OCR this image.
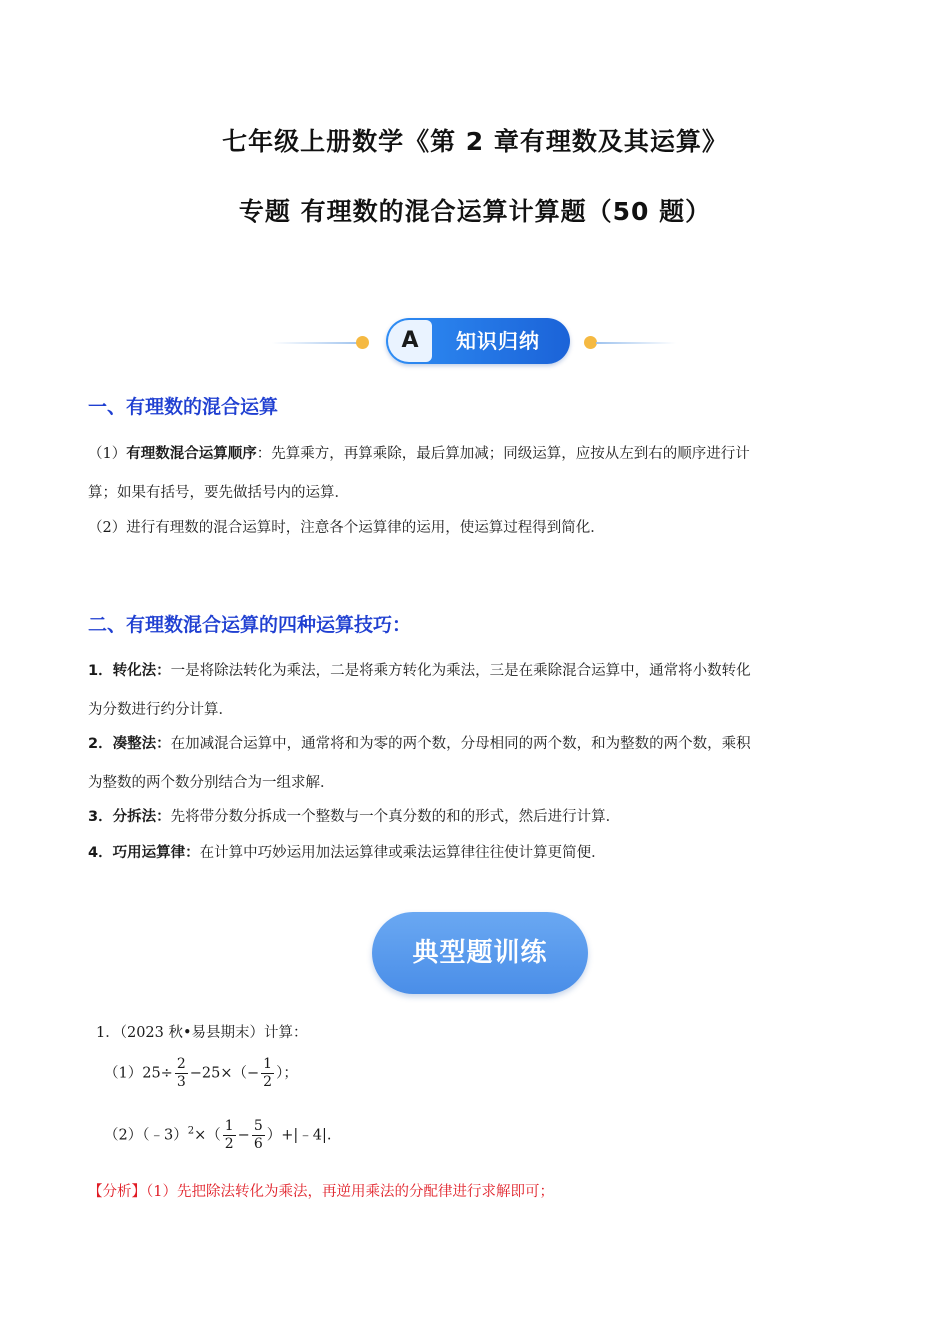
七年级上册数学《第 2 章有理数及其运算》
专题 有理数的混合运算计算题（50 题）
A	知识归纳
一、有理数的混合运算
（1）有理数混合运算顺序：先算乘方，再算乘除，最后算加减；同级运算，应按从左到右的顺序进行计
算；如果有括号，要先做括号内的运算．
（2）进行有理数的混合运算时，注意各个运算律的运用，使运算过程得到简化．
二、有理数混合运算的四种运算技巧：
1．转化法：一是将除法转化为乘法，二是将乘方转化为乘法，三是在乘除混合运算中，通常将小数转化
为分数进行约分计算．
2．凑整法：在加减混合运算中，通常将和为零的两个数，分母相同的两个数，和为整数的两个数，乘积
为整数的两个数分别结合为一组求解．
3．分拆法：先将带分数分拆成一个整数与一个真分数的和的形式，然后进行计算．
4．巧用运算律：在计算中巧妙运用加法运算律或乘法运算律往往使计算更简便．
典型题训练
1．（2023 秋•易县期末）计算：
$(1)25\div \frac{2}{3} -25\times(- \frac{1}{2}$ ）；
（2）（﹣3）$^2$×（ $\frac{1}{2} - \frac{5}{6}$ ）+|﹣4|.
【分析】（1）先把除法转化为乘法，再逆用乘法的分配律进行求解即可；
